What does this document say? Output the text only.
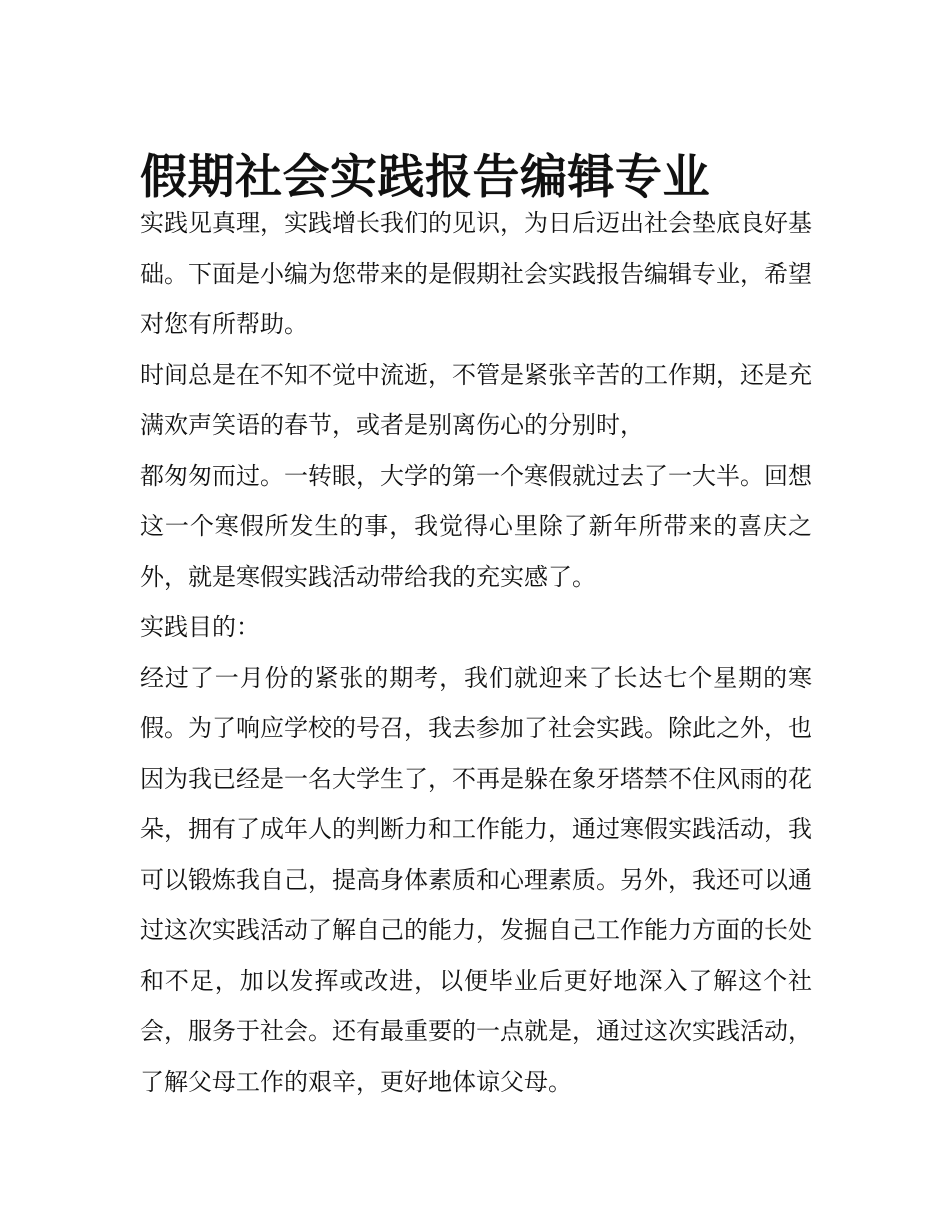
假期社会实践报告编辑专业

实践见真理，实践增长我们的见识，为日后迈出社会垫底良好基础。下面是小编为您带来的是假期社会实践报告编辑专业，希望对您有所帮助。

时间总是在不知不觉中流逝，不管是紧张辛苦的工作期，还是充满欢声笑语的春节，或者是别离伤心的分别时，

都匆匆而过。一转眼，大学的第一个寒假就过去了一大半。回想这一个寒假所发生的事，我觉得心里除了新年所带来的喜庆之外，就是寒假实践活动带给我的充实感了。

实践目的：

经过了一月份的紧张的期考，我们就迎来了长达七个星期的寒假。为了响应学校的号召，我去参加了社会实践。除此之外，也因为我已经是一名大学生了，不再是躲在象牙塔禁不住风雨的花朵，拥有了成年人的判断力和工作能力，通过寒假实践活动，我可以锻炼我自己，提高身体素质和心理素质。另外，我还可以通过这次实践活动了解自己的能力，发掘自己工作能力方面的长处和不足，加以发挥或改进，以便毕业后更好地深入了解这个社会，服务于社会。还有最重要的一点就是，通过这次实践活动，了解父母工作的艰辛，更好地体谅父母。
